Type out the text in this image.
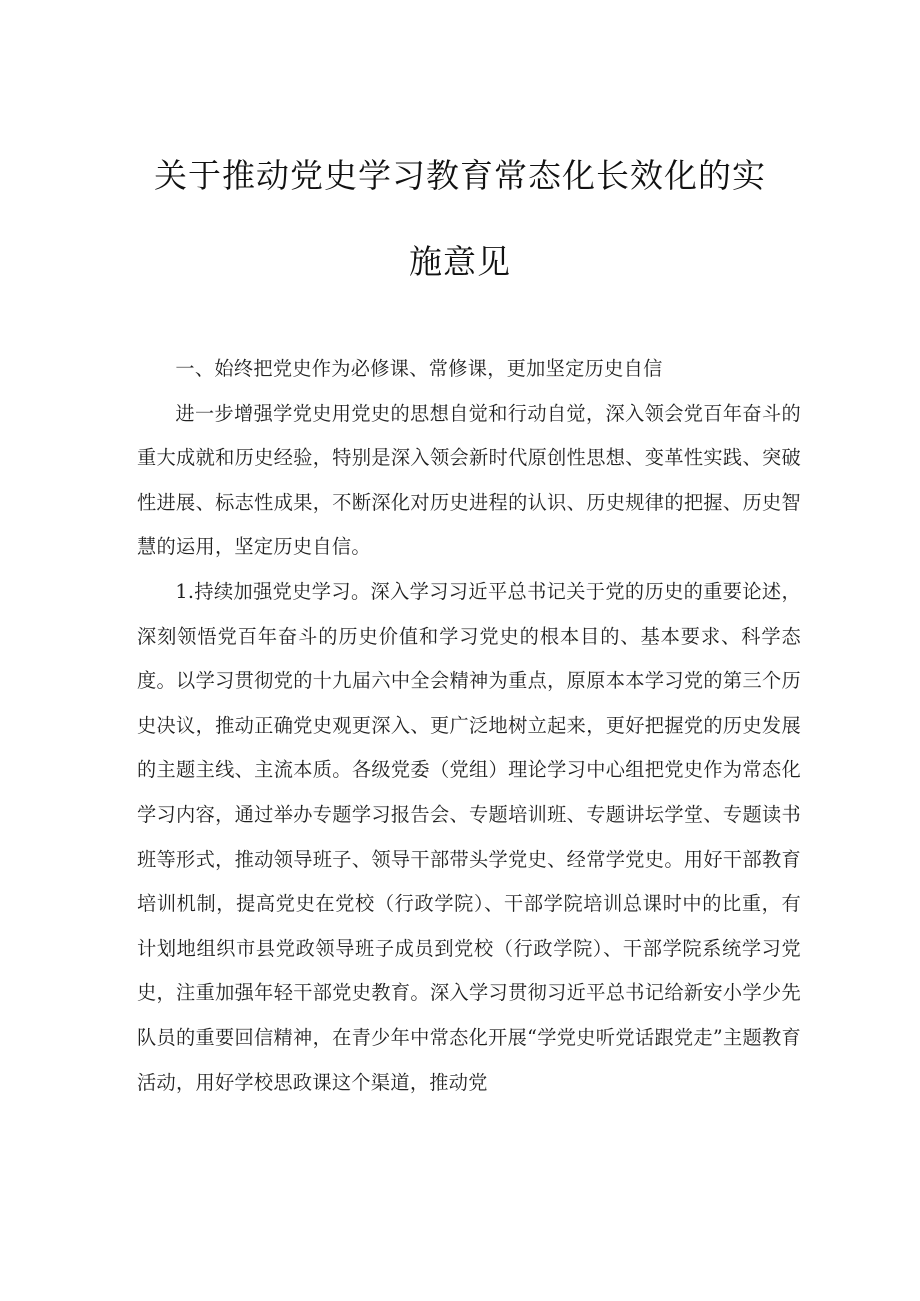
关于推动党史学习教育常态化长效化的实
施意见

一、始终把党史作为必修课、常修课，更加坚定历史自信

进一步增强学党史用党史的思想自觉和行动自觉，深入领会党百年奋斗的重大成就和历史经验，特别是深入领会新时代原创性思想、变革性实践、突破性进展、标志性成果，不断深化对历史进程的认识、历史规律的把握、历史智慧的运用，坚定历史自信。

1.持续加强党史学习。深入学习习近平总书记关于党的历史的重要论述，深刻领悟党百年奋斗的历史价值和学习党史的根本目的、基本要求、科学态度。以学习贯彻党的十九届六中全会精神为重点，原原本本学习党的第三个历史决议，推动正确党史观更深入、更广泛地树立起来，更好把握党的历史发展的主题主线、主流本质。各级党委（党组）理论学习中心组把党史作为常态化学习内容，通过举办专题学习报告会、专题培训班、专题讲坛学堂、专题读书班等形式，推动领导班子、领导干部带头学党史、经常学党史。用好干部教育培训机制，提高党史在党校（行政学院）、干部学院培训总课时中的比重，有计划地组织市县党政领导班子成员到党校（行政学院）、干部学院系统学习党史，注重加强年轻干部党史教育。深入学习贯彻习近平总书记给新安小学少先队员的重要回信精神，在青少年中常态化开展“学党史听党话跟党走”主题教育活动，用好学校思政课这个渠道，推动党
